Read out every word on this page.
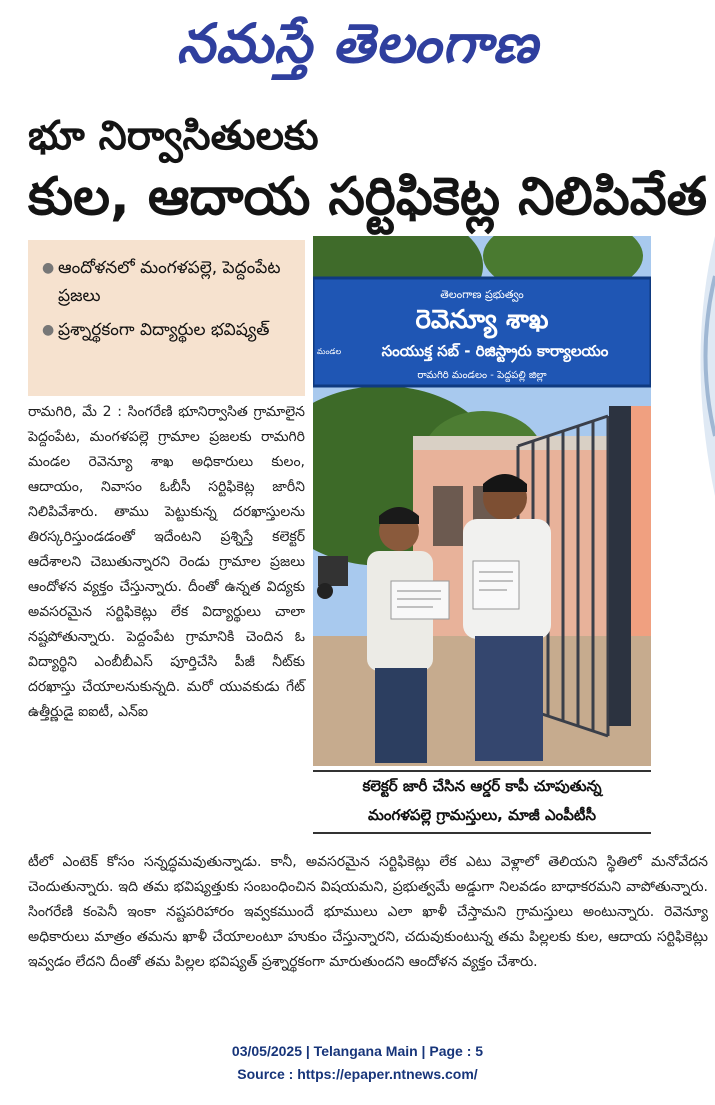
నమస్తే తెలంగాణ
భూ నిర్వాసితులకు
కుల, ఆదాయ సర్టిఫికెట్ల నిలిపివేత
● ఆందోళనలో మంగళపల్లె, పెద్దంపేట ప్రజలు
● ప్రశ్నార్థకంగా విద్యార్థుల భవిష్యత్
తెలంగాణ ప్రభుత్వం
రెవెన్యూ శాఖ
మండల	సంయుక్త సబ్ - రిజిస్ట్రారు కార్యాలయం
రామగిరి మండలం - పెద్దపల్లి జిల్లా
కలెక్టర్ జారీ చేసిన ఆర్డర్ కాపీ చూపుతున్న
మంగళపల్లె గ్రామస్తులు, మాజీ ఎంపీటీసీ

రామగిరి, మే 2 : సింగరేణి భూనిర్వాసిత గ్రామాలైన పెద్దంపేట, మంగళపల్లె గ్రామాల ప్రజలకు రామగిరి మండల రెవెన్యూ శాఖ అధికారులు కులం, ఆదాయం, నివాసం ఓబీసీ సర్టిఫికెట్ల జారీని నిలిపివేశారు. తాము పెట్టుకున్న దరఖాస్తులను తిరస్కరిస్తుండడంతో ఇదేంటని ప్రశ్నిస్తే కలెక్టర్ ఆదేశాలని చెబుతున్నారని రెండు గ్రామాల ప్రజలు ఆందోళన వ్యక్తం చేస్తున్నారు. దీంతో ఉన్నత విద్యకు అవసరమైన సర్టిఫికెట్లు లేక విద్యార్థులు చాలా నష్టపోతున్నారు. పెద్దంపేట గ్రామానికి చెందిన ఓ విద్యార్థిని ఎంబీబీఎస్ పూర్తిచేసి పీజీ నీట్‌కు దరఖాస్తు చేయాలనుకున్నది. మరో యువకుడు గేట్ ఉత్తీర్ణుడై ఐఐటీ, ఎన్ఐ

టీలో ఎంటెక్ కోసం సన్నద్ధమవుతున్నాడు. కానీ, అవసరమైన సర్టిఫికెట్లు లేక ఎటు వెళ్లాలో తెలియని స్థితిలో మనోవేదన చెందుతున్నారు. ఇది తమ భవిష్యత్తుకు సంబంధించిన విషయమని, ప్రభుత్వమే అడ్డుగా నిలవడం బాధాకరమని వాపోతున్నారు. సింగరేణి కంపెనీ ఇంకా నష్టపరిహారం ఇవ్వకముందే భూములు ఎలా ఖాళీ చేస్తామని గ్రామస్తులు అంటున్నారు. రెవెన్యూ అధికారులు మాత్రం తమను ఖాళీ చేయాలంటూ హుకుం చేస్తున్నారని, చదువుకుంటున్న తమ పిల్లలకు కుల, ఆదాయ సర్టిఫికెట్లు ఇవ్వడం లేదని దీంతో తమ పిల్లల భవిష్యత్ ప్రశ్నార్థకంగా మారుతుందని ఆందోళన వ్యక్తం చేశారు.

03/05/2025 | Telangana Main | Page : 5
Source : https://epaper.ntnews.com/
